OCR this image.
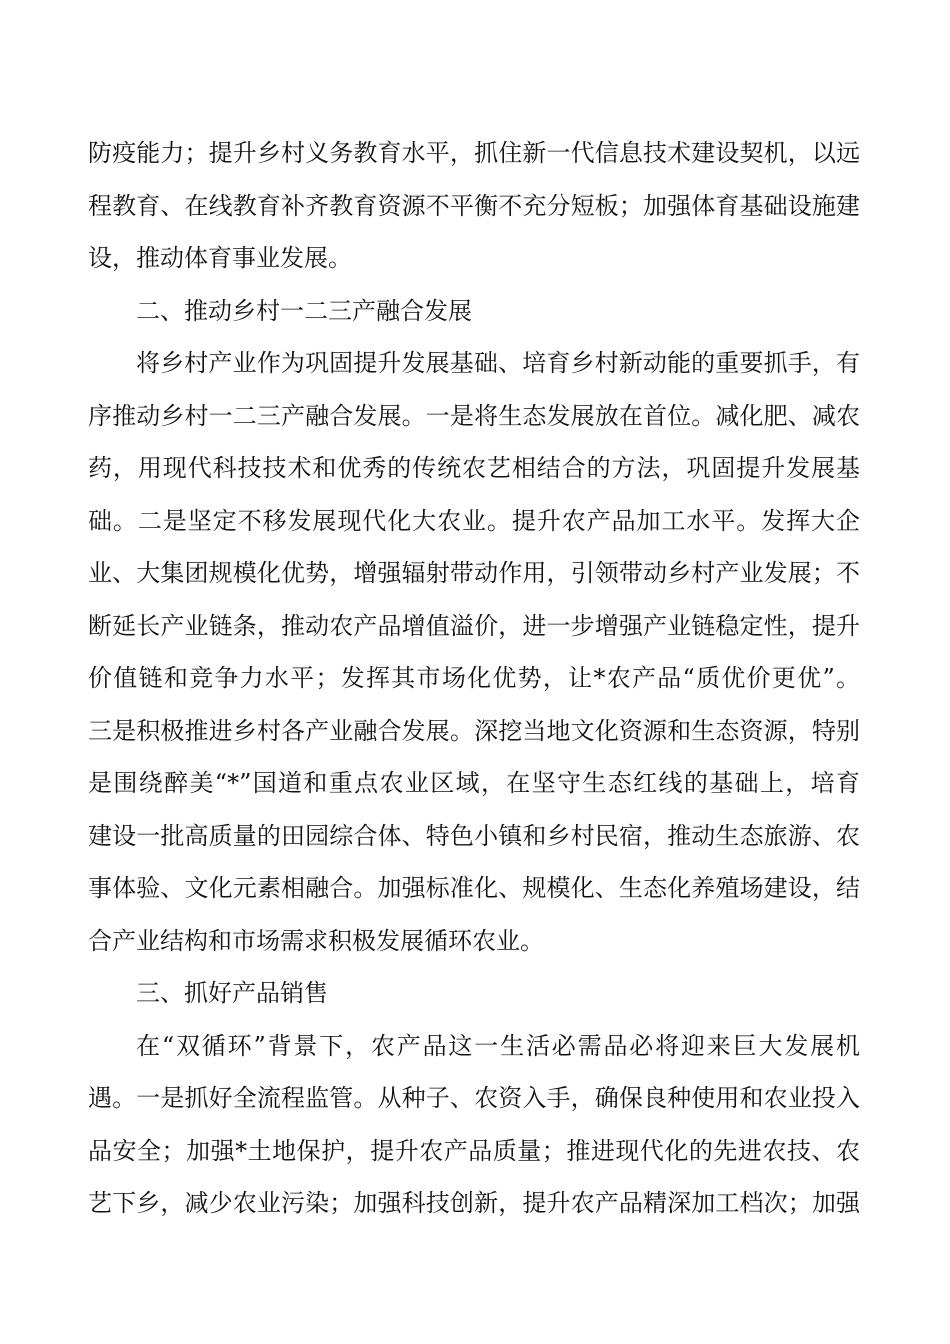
防疫能力；提升乡村义务教育水平，抓住新一代信息技术建设契机，以远
程教育、在线教育补齐教育资源不平衡不充分短板；加强体育基础设施建
设，推动体育事业发展。
二、推动乡村一二三产融合发展
将乡村产业作为巩固提升发展基础、培育乡村新动能的重要抓手，有
序推动乡村一二三产融合发展。一是将生态发展放在首位。减化肥、减农
药，用现代科技技术和优秀的传统农艺相结合的方法，巩固提升发展基
础。二是坚定不移发展现代化大农业。提升农产品加工水平。发挥大企
业、大集团规模化优势，增强辐射带动作用，引领带动乡村产业发展；不
断延长产业链条，推动农产品增值溢价，进一步增强产业链稳定性，提升
价值链和竞争力水平；发挥其市场化优势，让*农产品“质优价更优”。
三是积极推进乡村各产业融合发展。深挖当地文化资源和生态资源，特别
是围绕醉美“*”国道和重点农业区域，在坚守生态红线的基础上，培育
建设一批高质量的田园综合体、特色小镇和乡村民宿，推动生态旅游、农
事体验、文化元素相融合。加强标准化、规模化、生态化养殖场建设，结
合产业结构和市场需求积极发展循环农业。
三、抓好产品销售
在“双循环”背景下，农产品这一生活必需品必将迎来巨大发展机
遇。一是抓好全流程监管。从种子、农资入手，确保良种使用和农业投入
品安全；加强*土地保护，提升农产品质量；推进现代化的先进农技、农
艺下乡，减少农业污染；加强科技创新，提升农产品精深加工档次；加强
